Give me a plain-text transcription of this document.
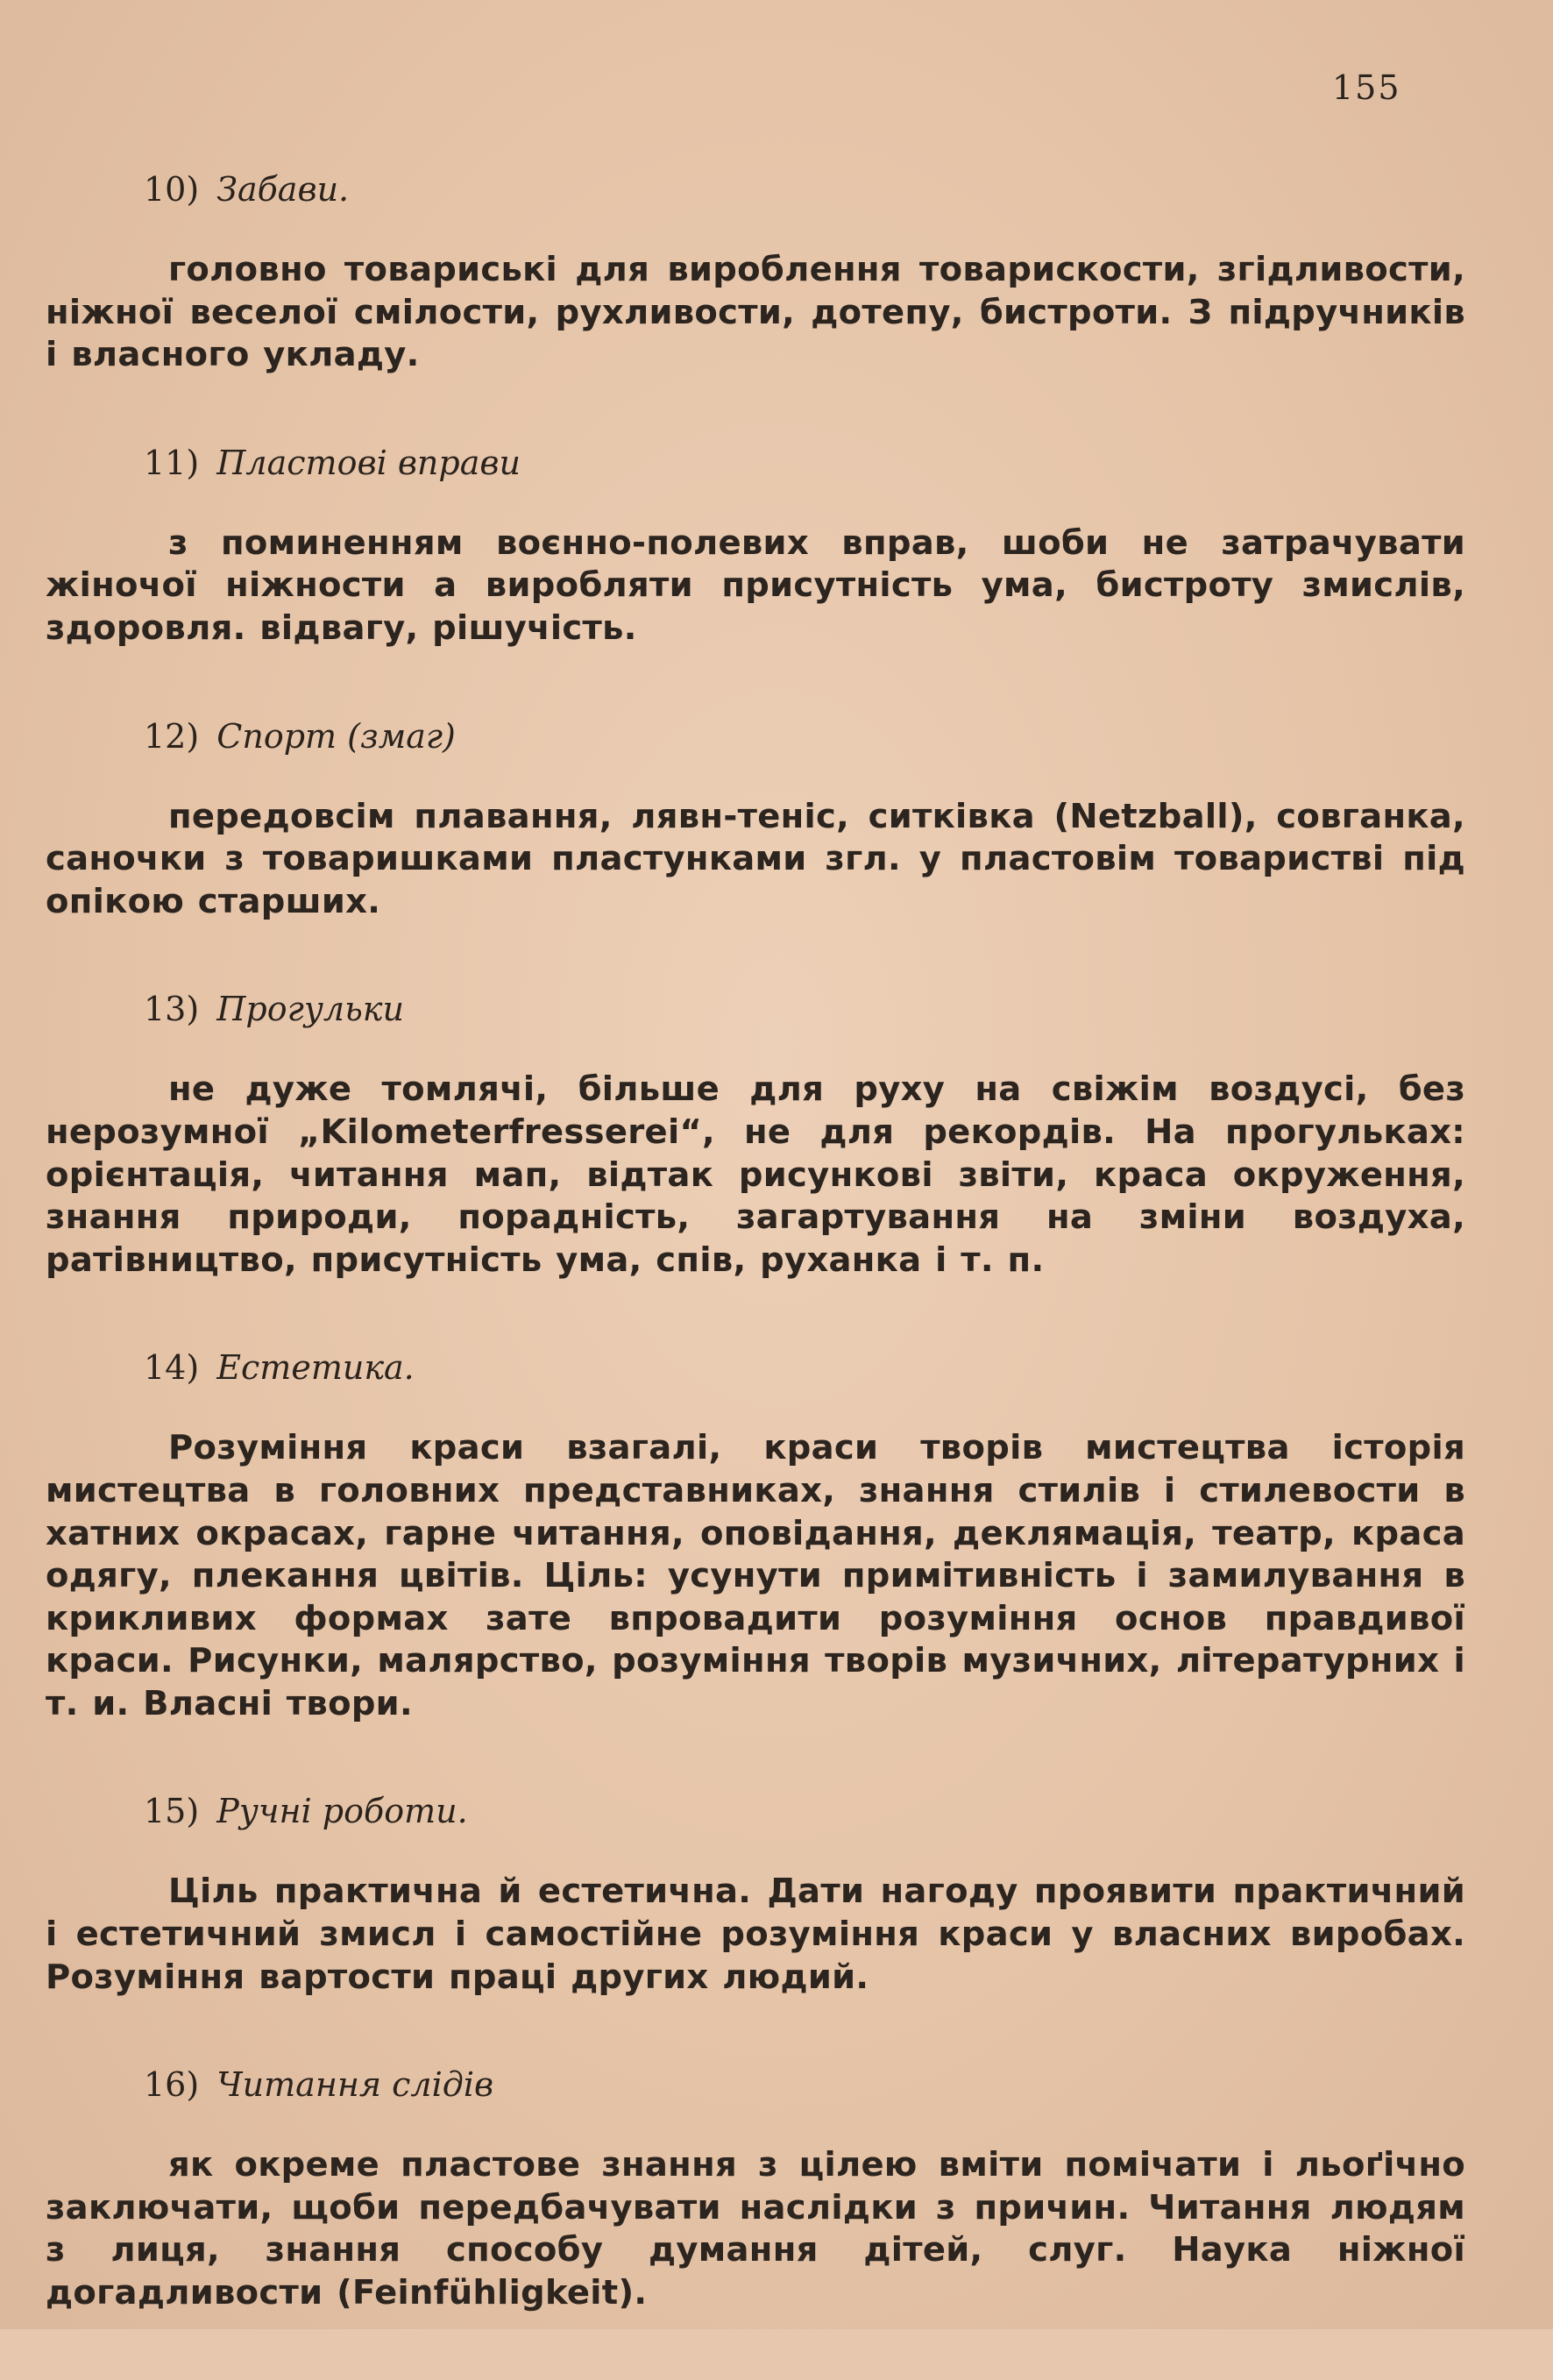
155
10) Забави.
головно товариські для вироблення товарискости, згідливости, ніжної веселої смілости, рухливости, дотепу, бистроти. З підручників і власного укладу.
11) Пластові вправи
з поминенням воєнно-полевих вправ, шоби не затрачувати жіночої ніжности а виробляти присутність ума, бистроту змислів, здоровля. відвагу, рішучість.
12) Спорт (змаг)
передовсім плавання, лявн-теніс, ситківка (Netzball), совганка, саночки з товаришками пластунками згл. у пластовім товаристві під опікою старших.
13) Прогульки
не дуже томлячі, більше для руху на свіжім воздусі, без нерозумної „Kilometerfresserei“, не для рекордів. На прогульках: орієнтація, читання мап, відтак рисункові звіти, краса окруження, знання природи, порадність, загартування на зміни воздуха, ратівництво, присутність ума, спів, руханка і т. п.
14) Естетика.
Розуміння краси взагалі, краси творів мистецтва історія мистецтва в головних представниках, знання стилів і стилевости в хатних окрасах, гарне читання, оповідання, деклямація, театр, краса одягу, плекання цвітів. Ціль: усунути примітивність і замилування в крикливих формах зате впровадити розуміння основ правдивої краси. Рисунки, малярство, розуміння творів музичних, літературних і т. и. Власні твори.
15) Ручні роботи.
Ціль практична й естетична. Дати нагоду проявити практичний і естетичний змисл і самостійне розуміння краси у власних виробах. Розуміння вартости праці других людий.
16) Читання слідів
як окреме пластове знання з цілею вміти помічати і льоґічно заключати, щоби передбачувати наслідки з причин. Читання людям з лиця, знання способу думання дітей, слуг. Наука ніжної догадливости (Feinfühligkeit).
